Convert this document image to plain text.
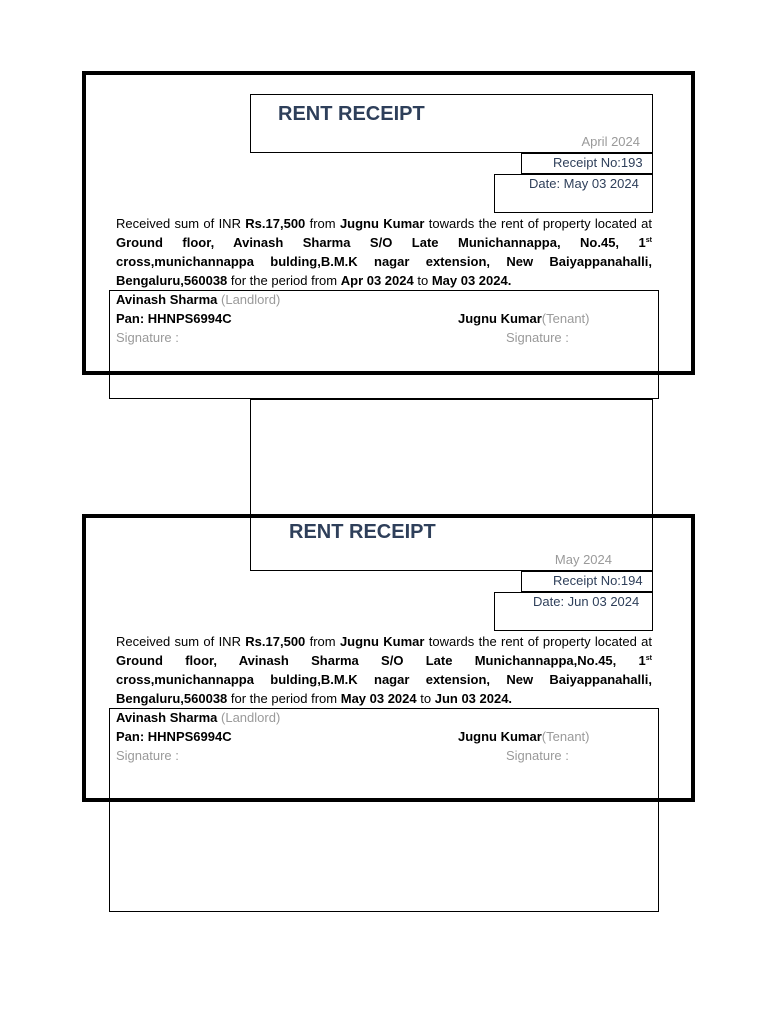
RENT RECEIPT
April 2024
Receipt No:193
Date: May 03 2024
Received sum of INR Rs.17,500 from Jugnu Kumar towards the rent of property located at Ground floor, Avinash Sharma S/O Late Munichannappa, No.45, 1st cross,munichannappa bulding,B.M.K nagar extension, New Baiyappanahalli, Bengaluru,560038 for the period from Apr 03 2024 to May 03 2024.
Avinash Sharma (Landlord)
Pan: HHNPS6994C	Jugnu Kumar(Tenant)
Signature :	Signature :
RENT RECEIPT
May 2024
Receipt No:194
Date: Jun 03 2024
Received sum of INR Rs.17,500 from Jugnu Kumar towards the rent of property located at Ground floor, Avinash Sharma S/O Late Munichannappa,No.45, 1st cross,munichannappa bulding,B.M.K nagar extension, New Baiyappanahalli, Bengaluru,560038 for the period from May 03 2024 to Jun 03 2024.
Avinash Sharma (Landlord)
Pan: HHNPS6994C	Jugnu Kumar(Tenant)
Signature :	Signature :
